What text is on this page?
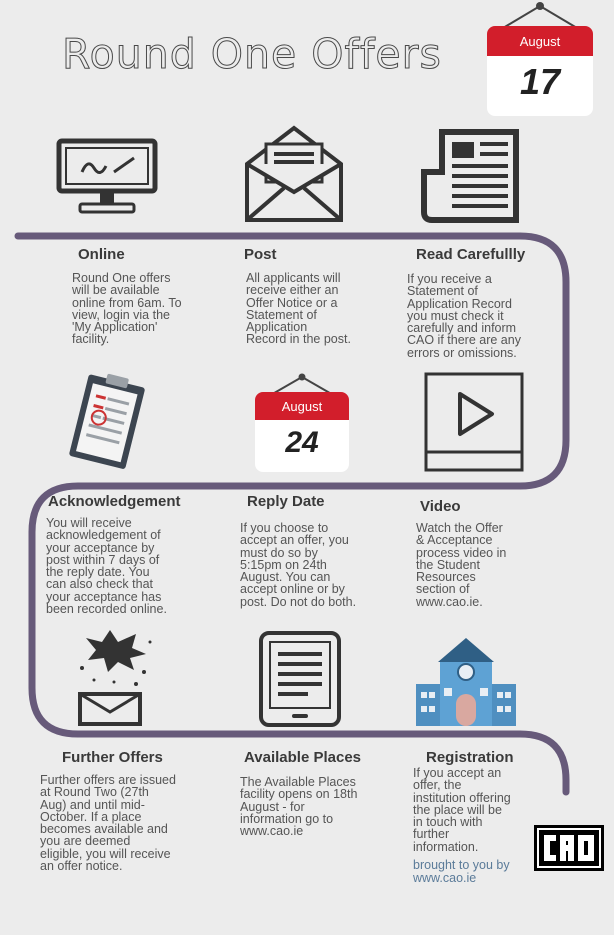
Round One Offers	August
17
Online
Round One offers
will be available
online from 6am. To
view, login via the
'My Application'
facility.
Post
All applicants will
receive either an
Offer Notice or a
Statement of
Application
Record in the post.
Read Carefullly
If you receive a
Statement of
Application Record
you must check it
carefully and inform
CAO if there are any
errors or omissions.
August
24
Acknowledgement
You will receive
acknowledgement of
your acceptance by
post within 7 days of
the reply date. You
can also check that
your acceptance has
been recorded online.
Reply Date
If you choose to
accept an offer, you
must do so by
5:15pm on 24th
August. You can
accept online or by
post. Do not do both.
Video
Watch the Offer
& Acceptance
process video in
the Student
Resources
section of
www.cao.ie.
Further Offers
Further offers are issued
at Round Two (27th
Aug) and until mid-
October. If a place
becomes available and
you are deemed
eligible, you will receive
an offer notice.
Available Places
The Available Places
facility opens on 18th
August - for
information go to
www.cao.ie
Registration
If you accept an
offer, the
institution offering
the place will be
in touch with
further
information.
brought to you by
www.cao.ie
